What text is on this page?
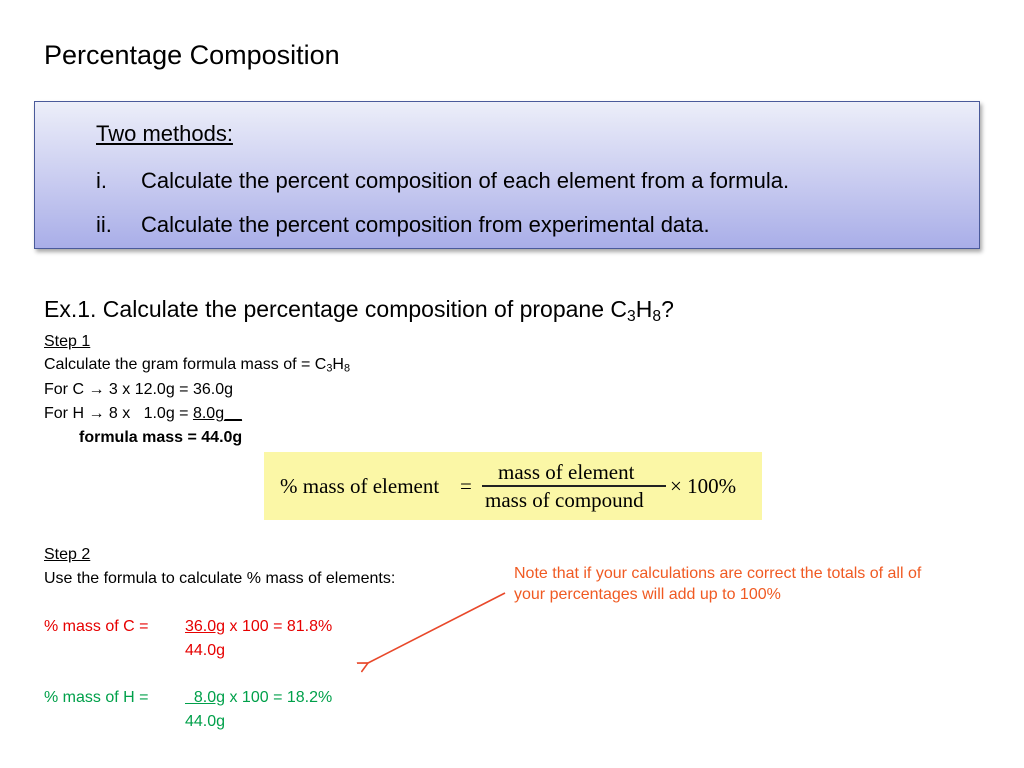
Percentage Composition
Two methods:
i. Calculate the percent composition of each element from a formula.
ii. Calculate the percent composition from experimental data.
Ex.1. Calculate the percentage composition of propane $C_3H_8$?
Step 1
Calculate the gram formula mass of = $C_3H_8$
For C → 3 x 12.0g = 36.0g
For H → 8 x   1.0g = 8.0g__
formula mass = 44.0g
% mass of element =
mass of element
mass of compound
× 100%
Step 2
Use the formula to calculate % mass of elements:
% mass of C = 36.0g x 100 = 81.8%
44.0g
% mass of H = 8.0g x 100 = 18.2%
44.0g
Note that if your calculations are correct the totals of all of your percentages will add up to 100%
